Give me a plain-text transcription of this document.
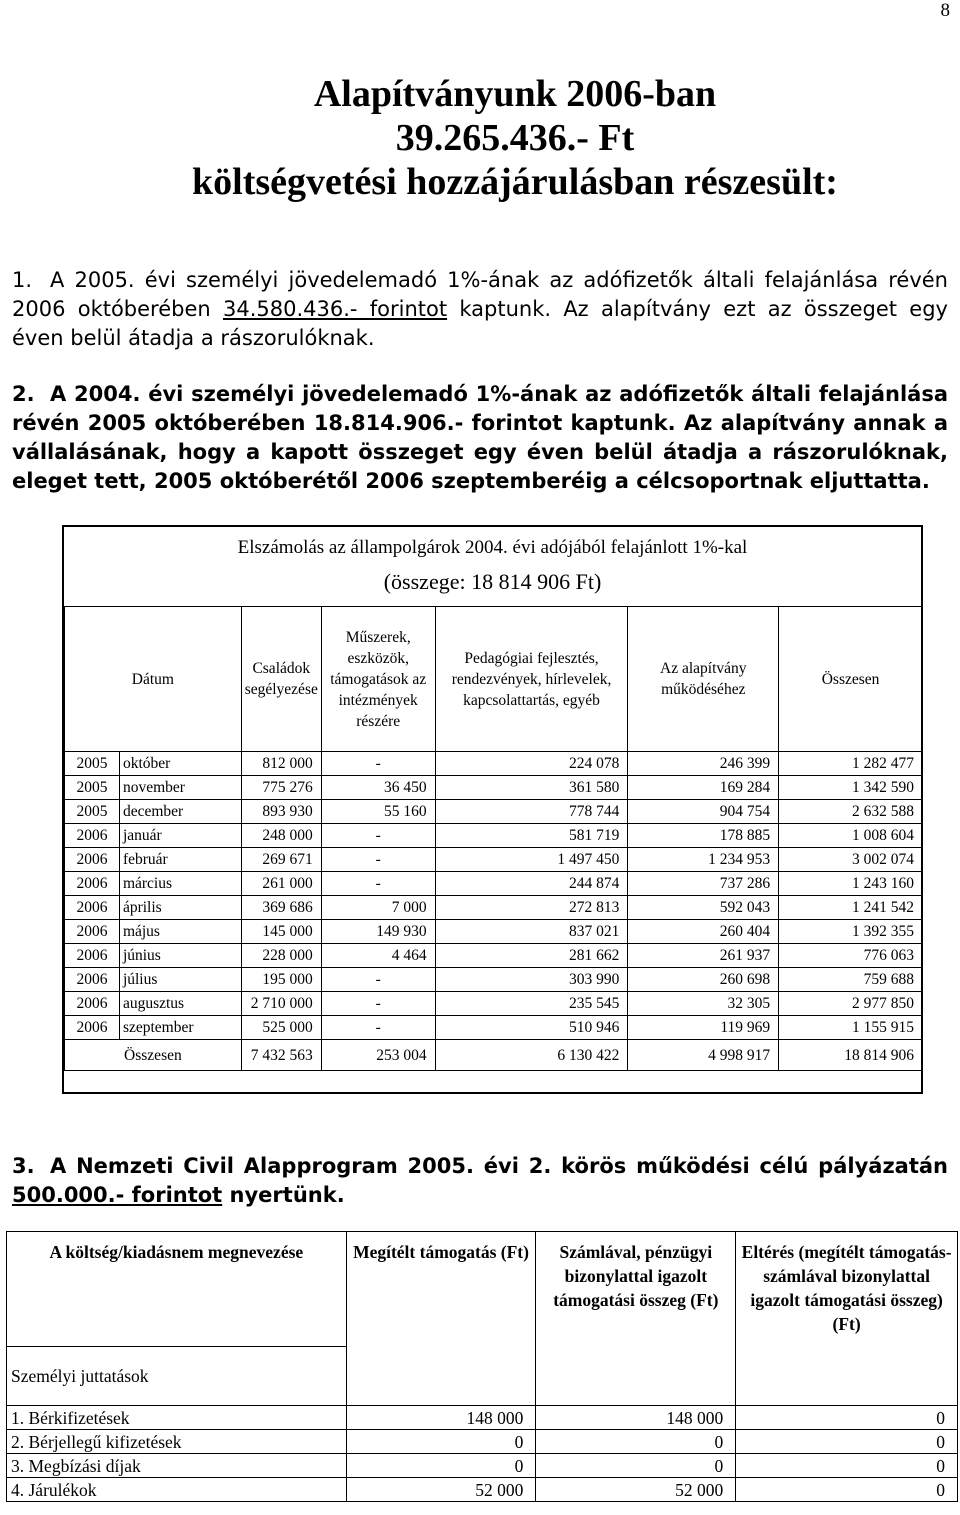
8
Alapítványunk 2006-ban
39.265.436.- Ft
költségvetési hozzájárulásban részesült:
1. A 2005. évi személyi jövedelemadó 1%-ának az adófizetők általi felajánlása révén 2006 októberében 34.580.436.- forintot kaptunk. Az alapítvány ezt az összeget egy éven belül átadja a rászorulóknak.
2. A 2004. évi személyi jövedelemadó 1%-ának az adófizetők általi felajánlása révén 2005 októberében 18.814.906.- forintot kaptunk. Az alapítvány annak a vállalásának, hogy a kapott összeget egy éven belül átadja a rászorulóknak, eleget tett, 2005 októberétől 2006 szeptemberéig a célcsoportnak eljuttatta.
Elszámolás az állampolgárok 2004. évi adójából felajánlott 1%-kal
(összege: 18 814 906 Ft)
Dátum		Családok segélyezése	Műszerek, eszközök, támogatások az intézmények részére	Pedagógiai fejlesztés, rendezvények, hírlevelek, kapcsolattartás, egyéb	Az alapítvány működéséhez	Összesen
2005	október	812 000	-	224 078	246 399	1 282 477
2005	november	775 276	36 450	361 580	169 284	1 342 590
2005	december	893 930	55 160	778 744	904 754	2 632 588
2006	január	248 000	-	581 719	178 885	1 008 604
2006	február	269 671	-	1 497 450	1 234 953	3 002 074
2006	március	261 000	-	244 874	737 286	1 243 160
2006	április	369 686	7 000	272 813	592 043	1 241 542
2006	május	145 000	149 930	837 021	260 404	1 392 355
2006	június	228 000	4 464	281 662	261 937	776 063
2006	július	195 000	-	303 990	260 698	759 688
2006	augusztus	2 710 000	-	235 545	32 305	2 977 850
2006	szeptember	525 000	-	510 946	119 969	1 155 915
Összesen		7 432 563	253 004	6 130 422	4 998 917	18 814 906
3. A Nemzeti Civil Alapprogram 2005. évi 2. körös működési célú pályázatán 500.000.- forintot nyertünk.
A költség/kiadásnem megnevezése	Megítélt támogatás (Ft)	Számlával, pénzügyi bizonylattal igazolt támogatási összeg (Ft)	Eltérés (megítélt támogatás- számlával bizonylattal igazolt támogatási összeg) (Ft)
Személyi juttatások			
1. Bérkifizetések	148 000	148 000	0
2. Bérjellegű kifizetések	0	0	0
3. Megbízási díjak	0	0	0
4. Járulékok	52 000	52 000	0
